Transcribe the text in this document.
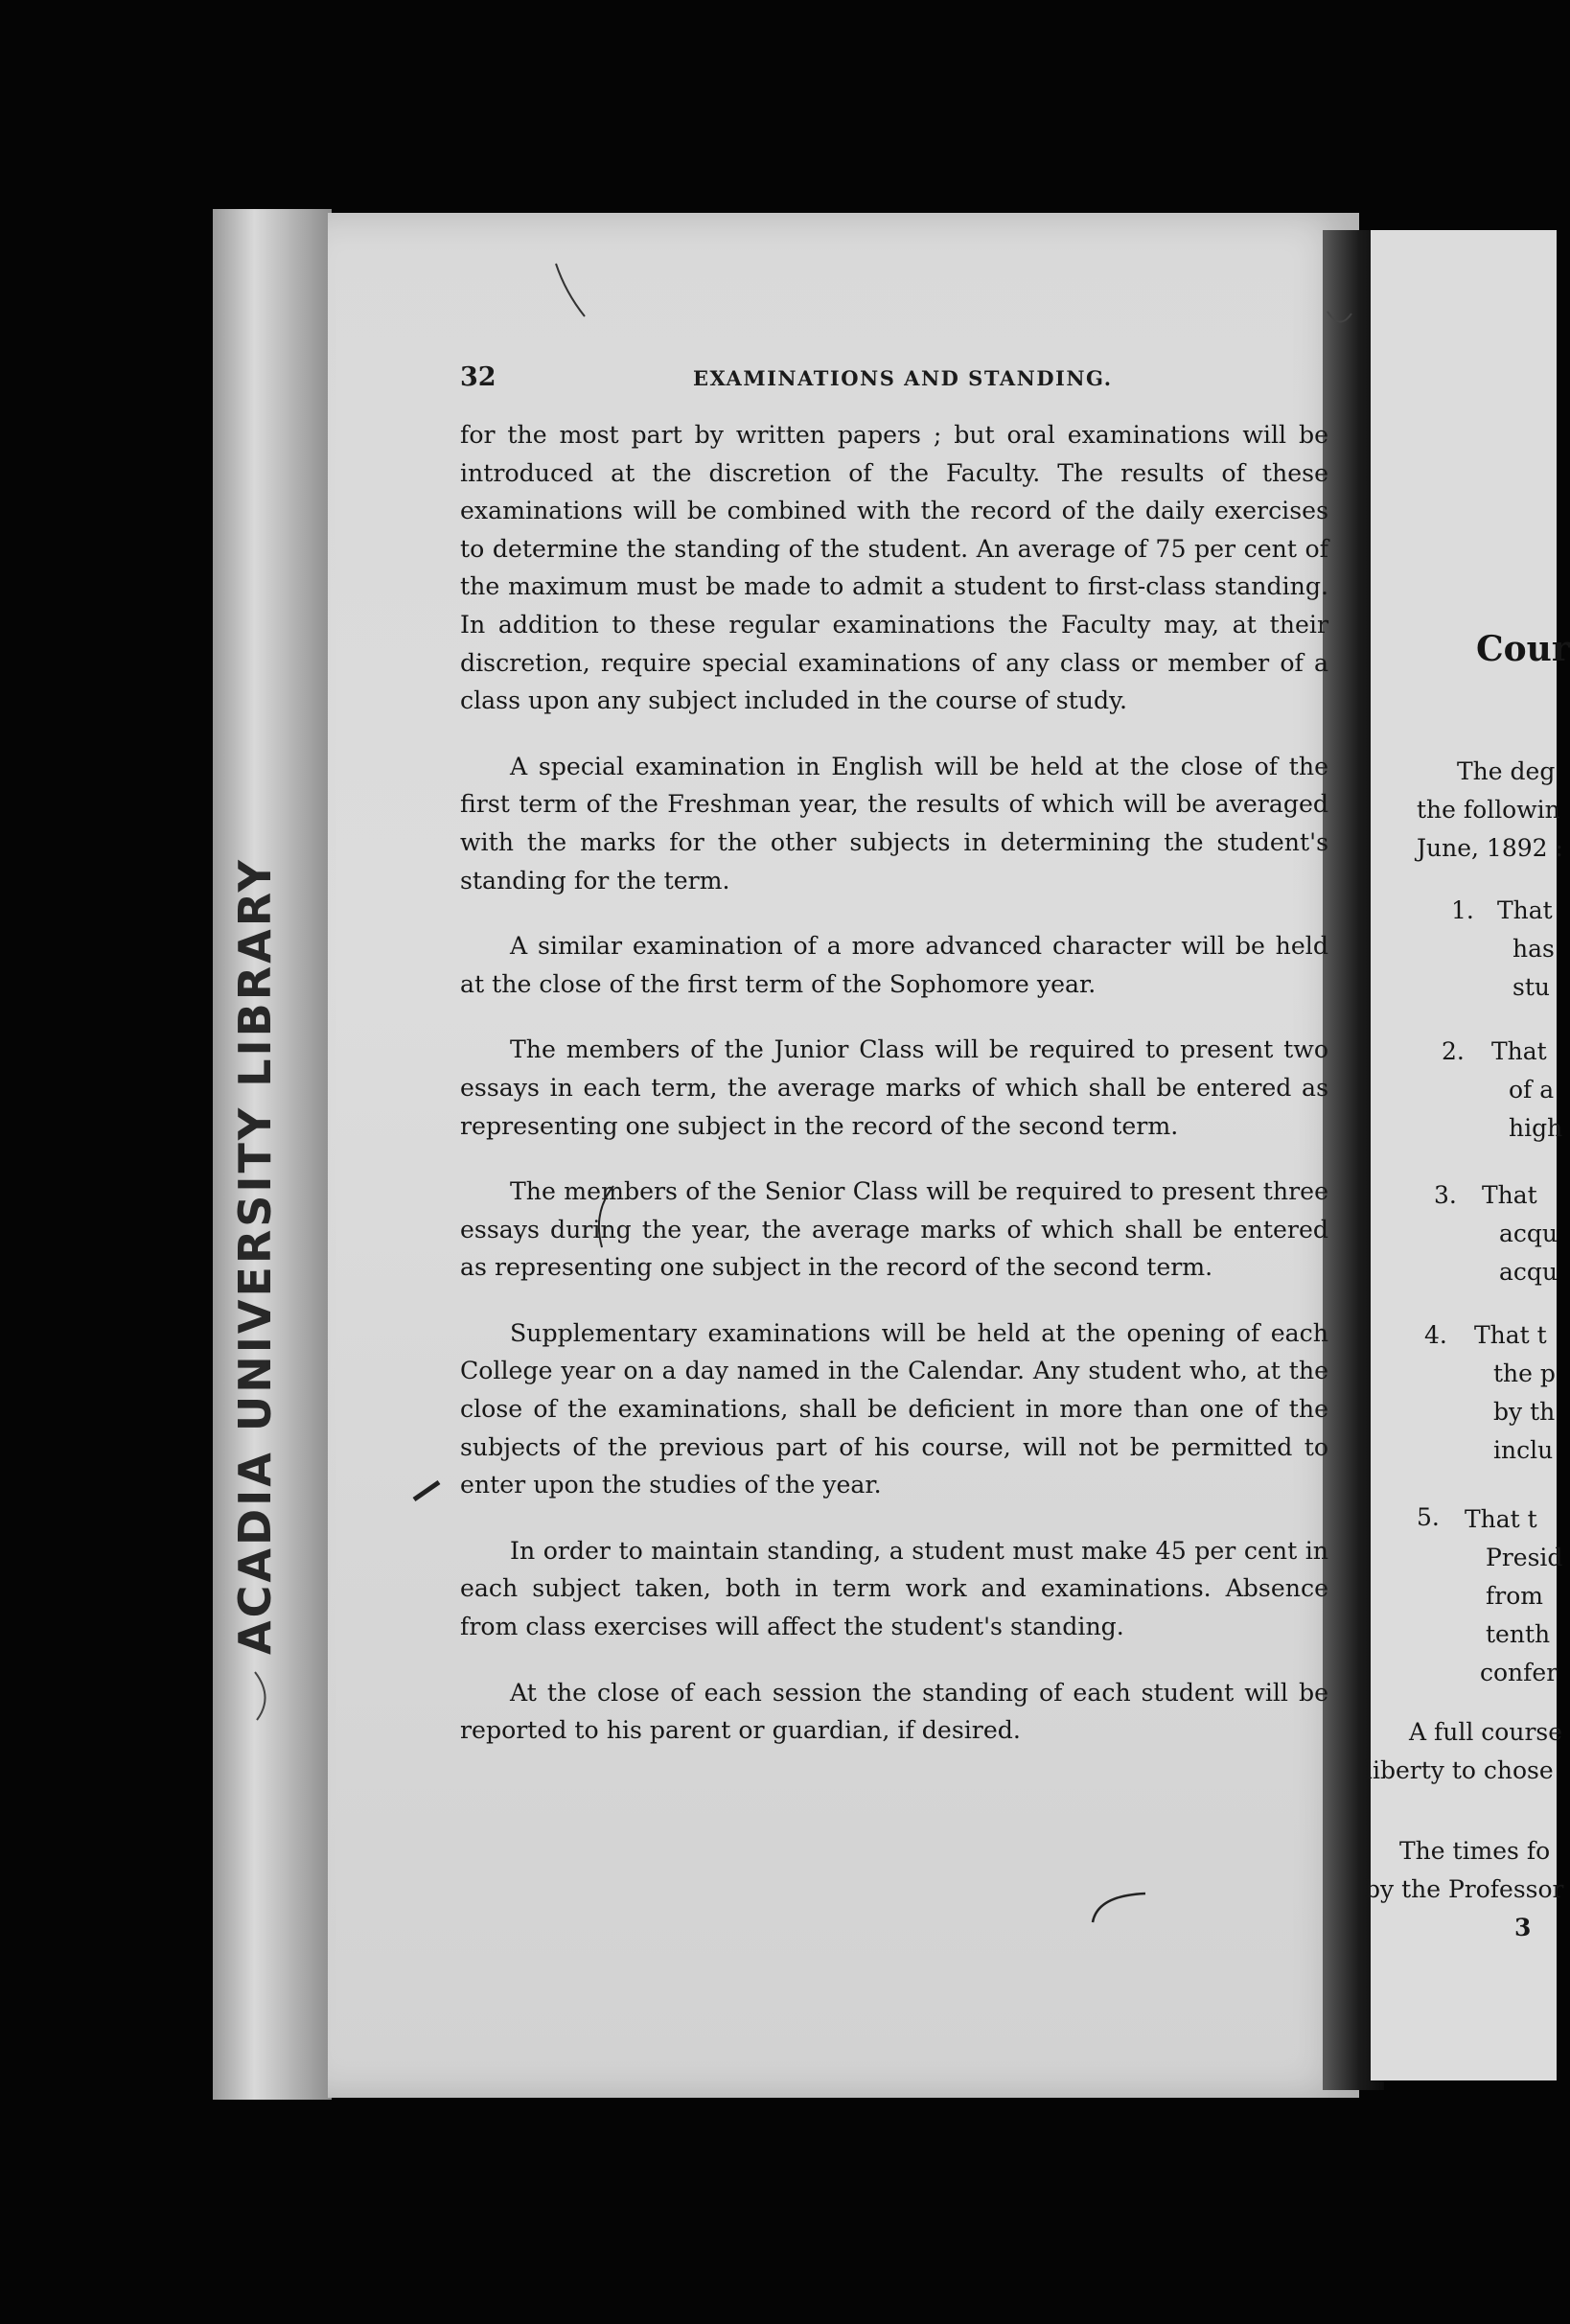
ACADIA UNIVERSITY LIBRARY
32	EXAMINATIONS AND STANDING.

for the most part by written papers ; but oral examinations will be introduced at the discretion of the Faculty. The results of these examinations will be combined with the record of the daily exercises to determine the standing of the student. An average of 75 per cent of the maximum must be made to admit a student to first-class standing. In addition to these regular examinations the Faculty may, at their discretion, require special examinations of any class or member of a class upon any subject included in the course of study.

A special examination in English will be held at the close of the first term of the Freshman year, the results of which will be averaged with the marks for the other subjects in determining the student's standing for the term.

A similar examination of a more advanced character will be held at the close of the first term of the Sophomore year.

The members of the Junior Class will be required to present two essays in each term, the average marks of which shall be entered as representing one subject in the record of the second term.

The members of the Senior Class will be required to present three essays during the year, the average marks of which shall be entered as representing one subject in the record of the second term.

Supplementary examinations will be held at the opening of each College year on a day named in the Calendar. Any student who, at the close of the examinations, shall be deficient in more than one of the subjects of the previous part of his course, will not be permitted to enter upon the studies of the year.

In order to maintain standing, a student must make 45 per cent in each subject taken, both in term work and examinations. Absence from class exercises will affect the student's standing.

At the close of each session the standing of each student will be reported to his parent or guardian, if desired.

Cour
The deg
the followin
June, 1892 :
1. That
has
stu
2. That
of a
high
3. That
acqu
acqu
4. That t
the p
by th
inclu
5. That t
Presid
from
tenth
confer
A full course
liberty to chose
The times fo
by the Professor
3
